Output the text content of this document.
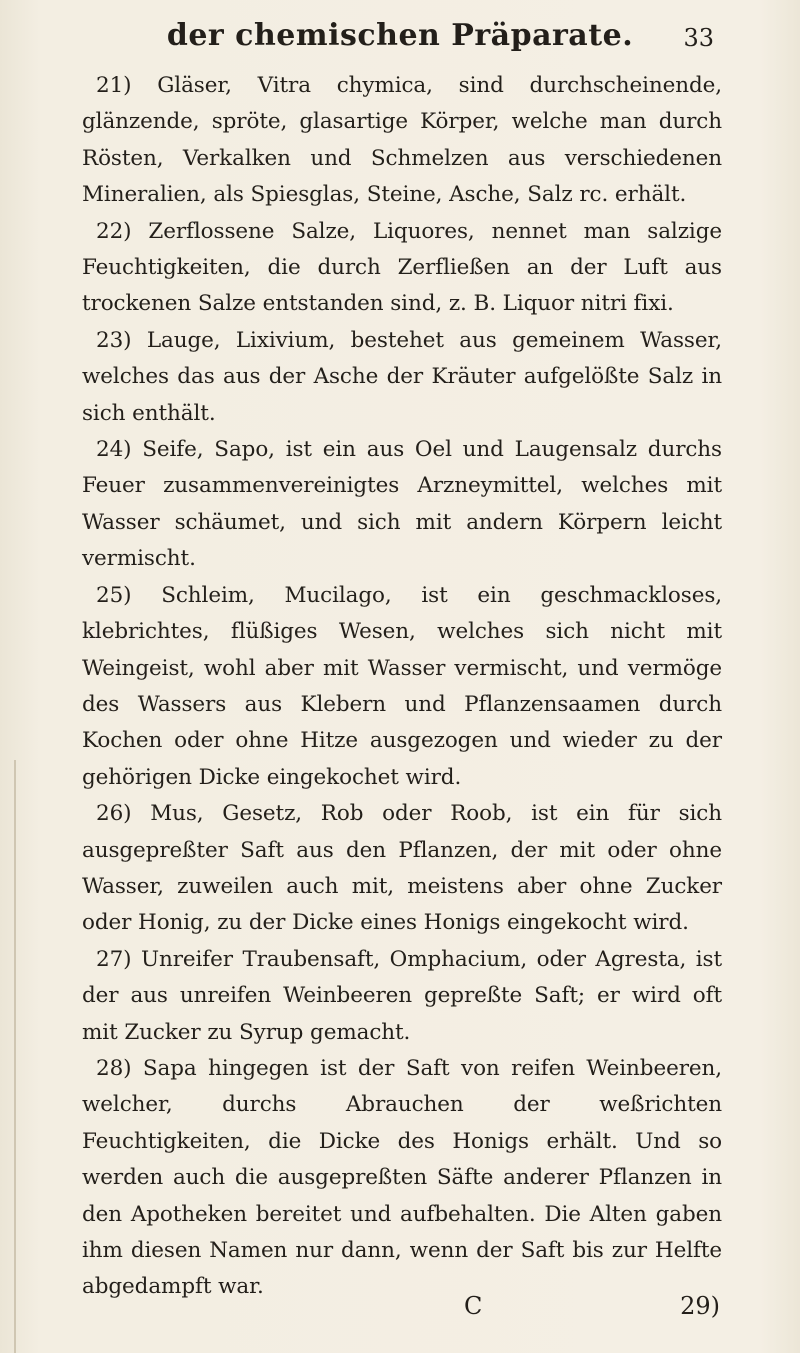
der chemischen Präparate.	33

21) Gläser, Vitra chymica, sind durchscheinende, glänzende, spröte, glasartige Körper, welche man durch Rösten, Verkalken und Schmelzen aus verschiedenen Mineralien, als Spiesglas, Steine, Asche, Salz rc. erhält.

22) Zerflossene Salze, Liquores, nennet man salzige Feuchtigkeiten, die durch Zerfließen an der Luft aus trockenen Salze entstanden sind, z. B. Liquor nitri fixi.

23) Lauge, Lixivium, bestehet aus gemeinem Wasser, welches das aus der Asche der Kräuter aufgelößte Salz in sich enthält.

24) Seife, Sapo, ist ein aus Oel und Laugensalz durchs Feuer zusammenvereinigtes Arzneymittel, welches mit Wasser schäumet, und sich mit andern Körpern leicht vermischt.

25) Schleim, Mucilago, ist ein geschmackloses, klebrichtes, flüßiges Wesen, welches sich nicht mit Weingeist, wohl aber mit Wasser vermischt, und vermöge des Wassers aus Klebern und Pflanzensaamen durch Kochen oder ohne Hitze ausgezogen und wieder zu der gehörigen Dicke eingekochet wird.

26) Mus, Gesetz, Rob oder Roob, ist ein für sich ausgepreßter Saft aus den Pflanzen, der mit oder ohne Wasser, zuweilen auch mit, meistens aber ohne Zucker oder Honig, zu der Dicke eines Honigs eingekocht wird.

27) Unreifer Traubensaft, Omphacium, oder Agresta, ist der aus unreifen Weinbeeren gepreßte Saft; er wird oft mit Zucker zu Syrup gemacht.

28) Sapa hingegen ist der Saft von reifen Weinbeeren, welcher, durchs Abrauchen der weßrichten Feuchtigkeiten, die Dicke des Honigs erhält. Und so werden auch die ausgepreßten Säfte anderer Pflanzen in den Apotheken bereitet und aufbehalten. Die Alten gaben ihm diesen Namen nur dann, wenn der Saft bis zur Helfte abgedampft war.

C	29)
